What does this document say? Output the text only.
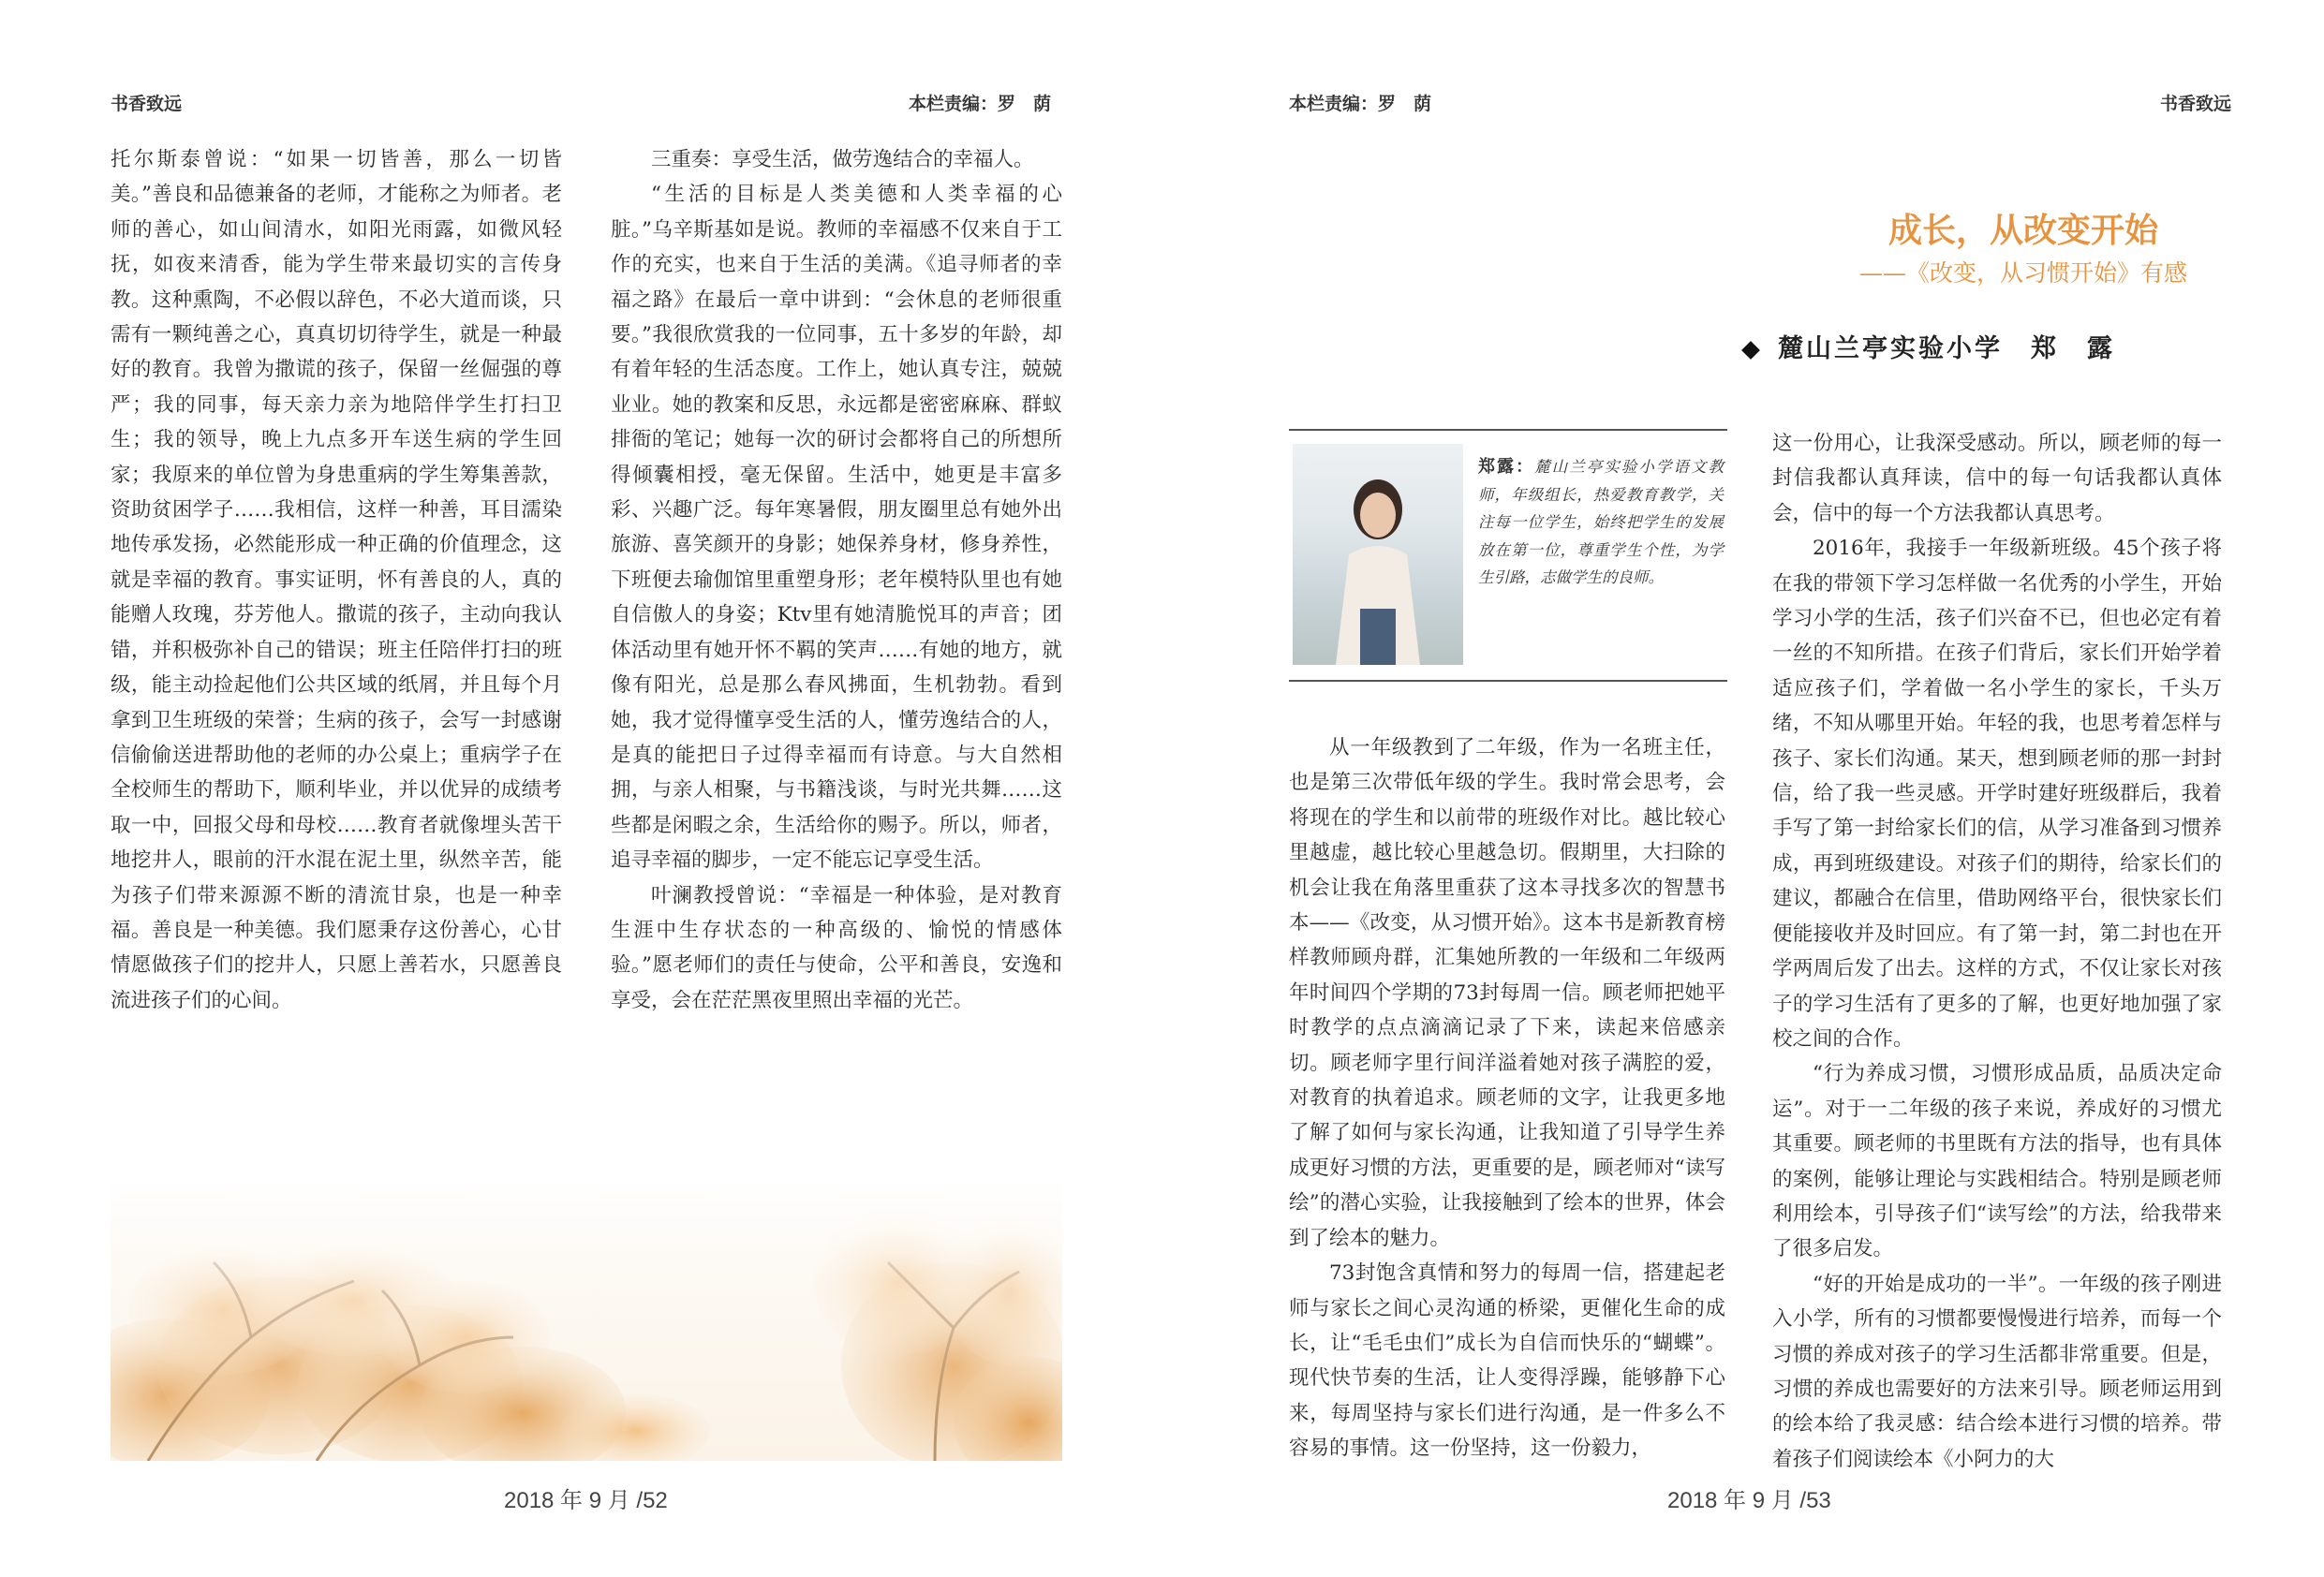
书香致远	本栏责编：罗　荫

托尔斯泰曾说：“如果一切皆善，那么一切皆美。”善良和品德兼备的老师，才能称之为师者。老师的善心，如山间清水，如阳光雨露，如微风轻抚，如夜来清香，能为学生带来最切实的言传身教。这种熏陶，不必假以辞色，不必大道而谈，只需有一颗纯善之心，真真切切待学生，就是一种最好的教育。我曾为撒谎的孩子，保留一丝倔强的尊严；我的同事，每天亲力亲为地陪伴学生打扫卫生；我的领导，晚上九点多开车送生病的学生回家；我原来的单位曾为身患重病的学生筹集善款，资助贫困学子……我相信，这样一种善，耳目濡染地传承发扬，必然能形成一种正确的价值理念，这就是幸福的教育。事实证明，怀有善良的人，真的能赠人玫瑰，芬芳他人。撒谎的孩子，主动向我认错，并积极弥补自己的错误；班主任陪伴打扫的班级，能主动捡起他们公共区域的纸屑，并且每个月拿到卫生班级的荣誉；生病的孩子，会写一封感谢信偷偷送进帮助他的老师的办公桌上；重病学子在全校师生的帮助下，顺利毕业，并以优异的成绩考取一中，回报父母和母校……教育者就像埋头苦干地挖井人，眼前的汗水混在泥土里，纵然辛苦，能为孩子们带来源源不断的清流甘泉，也是一种幸福。善良是一种美德。我们愿秉存这份善心，心甘情愿做孩子们的挖井人，只愿上善若水，只愿善良流进孩子们的心间。

三重奏：享受生活，做劳逸结合的幸福人。

“生活的目标是人类美德和人类幸福的心脏。”乌辛斯基如是说。教师的幸福感不仅来自于工作的充实，也来自于生活的美满。《追寻师者的幸福之路》在最后一章中讲到：“会休息的老师很重要。”我很欣赏我的一位同事，五十多岁的年龄，却有着年轻的生活态度。工作上，她认真专注，兢兢业业。她的教案和反思，永远都是密密麻麻、群蚁排衙的笔记；她每一次的研讨会都将自己的所想所得倾囊相授，毫无保留。生活中，她更是丰富多彩、兴趣广泛。每年寒暑假，朋友圈里总有她外出旅游、喜笑颜开的身影；她保养身材，修身养性，下班便去瑜伽馆里重塑身形；老年模特队里也有她自信傲人的身姿；Ktv里有她清脆悦耳的声音；团体活动里有她开怀不羁的笑声……有她的地方，就像有阳光，总是那么春风拂面，生机勃勃。看到她，我才觉得懂享受生活的人，懂劳逸结合的人，是真的能把日子过得幸福而有诗意。与大自然相拥，与亲人相聚，与书籍浅谈，与时光共舞……这些都是闲暇之余，生活给你的赐予。所以，师者，追寻幸福的脚步，一定不能忘记享受生活。

叶澜教授曾说：“幸福是一种体验，是对教育生涯中生存状态的一种高级的、愉悦的情感体验。”愿老师们的责任与使命，公平和善良，安逸和享受，会在茫茫黑夜里照出幸福的光芒。

2018 年 9 月 /52
本栏责编：罗　荫	书香致远
成长，从改变开始
——《改变，从习惯开始》有感
麓山兰亭实验小学　郑　露
郑露：麓山兰亭实验小学语文教师，年级组长，热爱教育教学，关注每一位学生，始终把学生的发展放在第一位，尊重学生个性，为学生引路，志做学生的良师。

从一年级教到了二年级，作为一名班主任，也是第三次带低年级的学生。我时常会思考，会将现在的学生和以前带的班级作对比。越比较心里越虚，越比较心里越急切。假期里，大扫除的机会让我在角落里重获了这本寻找多次的智慧书本——《改变，从习惯开始》。这本书是新教育榜样教师顾舟群，汇集她所教的一年级和二年级两年时间四个学期的73封每周一信。顾老师把她平时教学的点点滴滴记录了下来，读起来倍感亲切。顾老师字里行间洋溢着她对孩子满腔的爱，对教育的执着追求。顾老师的文字，让我更多地了解了如何与家长沟通，让我知道了引导学生养成更好习惯的方法，更重要的是，顾老师对“读写绘”的潜心实验，让我接触到了绘本的世界，体会到了绘本的魅力。

73封饱含真情和努力的每周一信，搭建起老师与家长之间心灵沟通的桥梁，更催化生命的成长，让“毛毛虫们”成长为自信而快乐的“蝴蝶”。现代快节奏的生活，让人变得浮躁，能够静下心来，每周坚持与家长们进行沟通，是一件多么不容易的事情。这一份坚持，这一份毅力，

这一份用心，让我深受感动。所以，顾老师的每一封信我都认真拜读，信中的每一句话我都认真体会，信中的每一个方法我都认真思考。

2016年，我接手一年级新班级。45个孩子将在我的带领下学习怎样做一名优秀的小学生，开始学习小学的生活，孩子们兴奋不已，但也必定有着一丝的不知所措。在孩子们背后，家长们开始学着适应孩子们，学着做一名小学生的家长，千头万绪，不知从哪里开始。年轻的我，也思考着怎样与孩子、家长们沟通。某天，想到顾老师的那一封封信，给了我一些灵感。开学时建好班级群后，我着手写了第一封给家长们的信，从学习准备到习惯养成，再到班级建设。对孩子们的期待，给家长们的建议，都融合在信里，借助网络平台，很快家长们便能接收并及时回应。有了第一封，第二封也在开学两周后发了出去。这样的方式，不仅让家长对孩子的学习生活有了更多的了解，也更好地加强了家校之间的合作。

“行为养成习惯，习惯形成品质，品质决定命运”。对于一二年级的孩子来说，养成好的习惯尤其重要。顾老师的书里既有方法的指导，也有具体的案例，能够让理论与实践相结合。特别是顾老师利用绘本，引导孩子们“读写绘”的方法，给我带来了很多启发。

“好的开始是成功的一半”。一年级的孩子刚进入小学，所有的习惯都要慢慢进行培养，而每一个习惯的养成对孩子的学习生活都非常重要。但是，习惯的养成也需要好的方法来引导。顾老师运用到的绘本给了我灵感：结合绘本进行习惯的培养。带着孩子们阅读绘本《小阿力的大

2018 年 9 月 /53
